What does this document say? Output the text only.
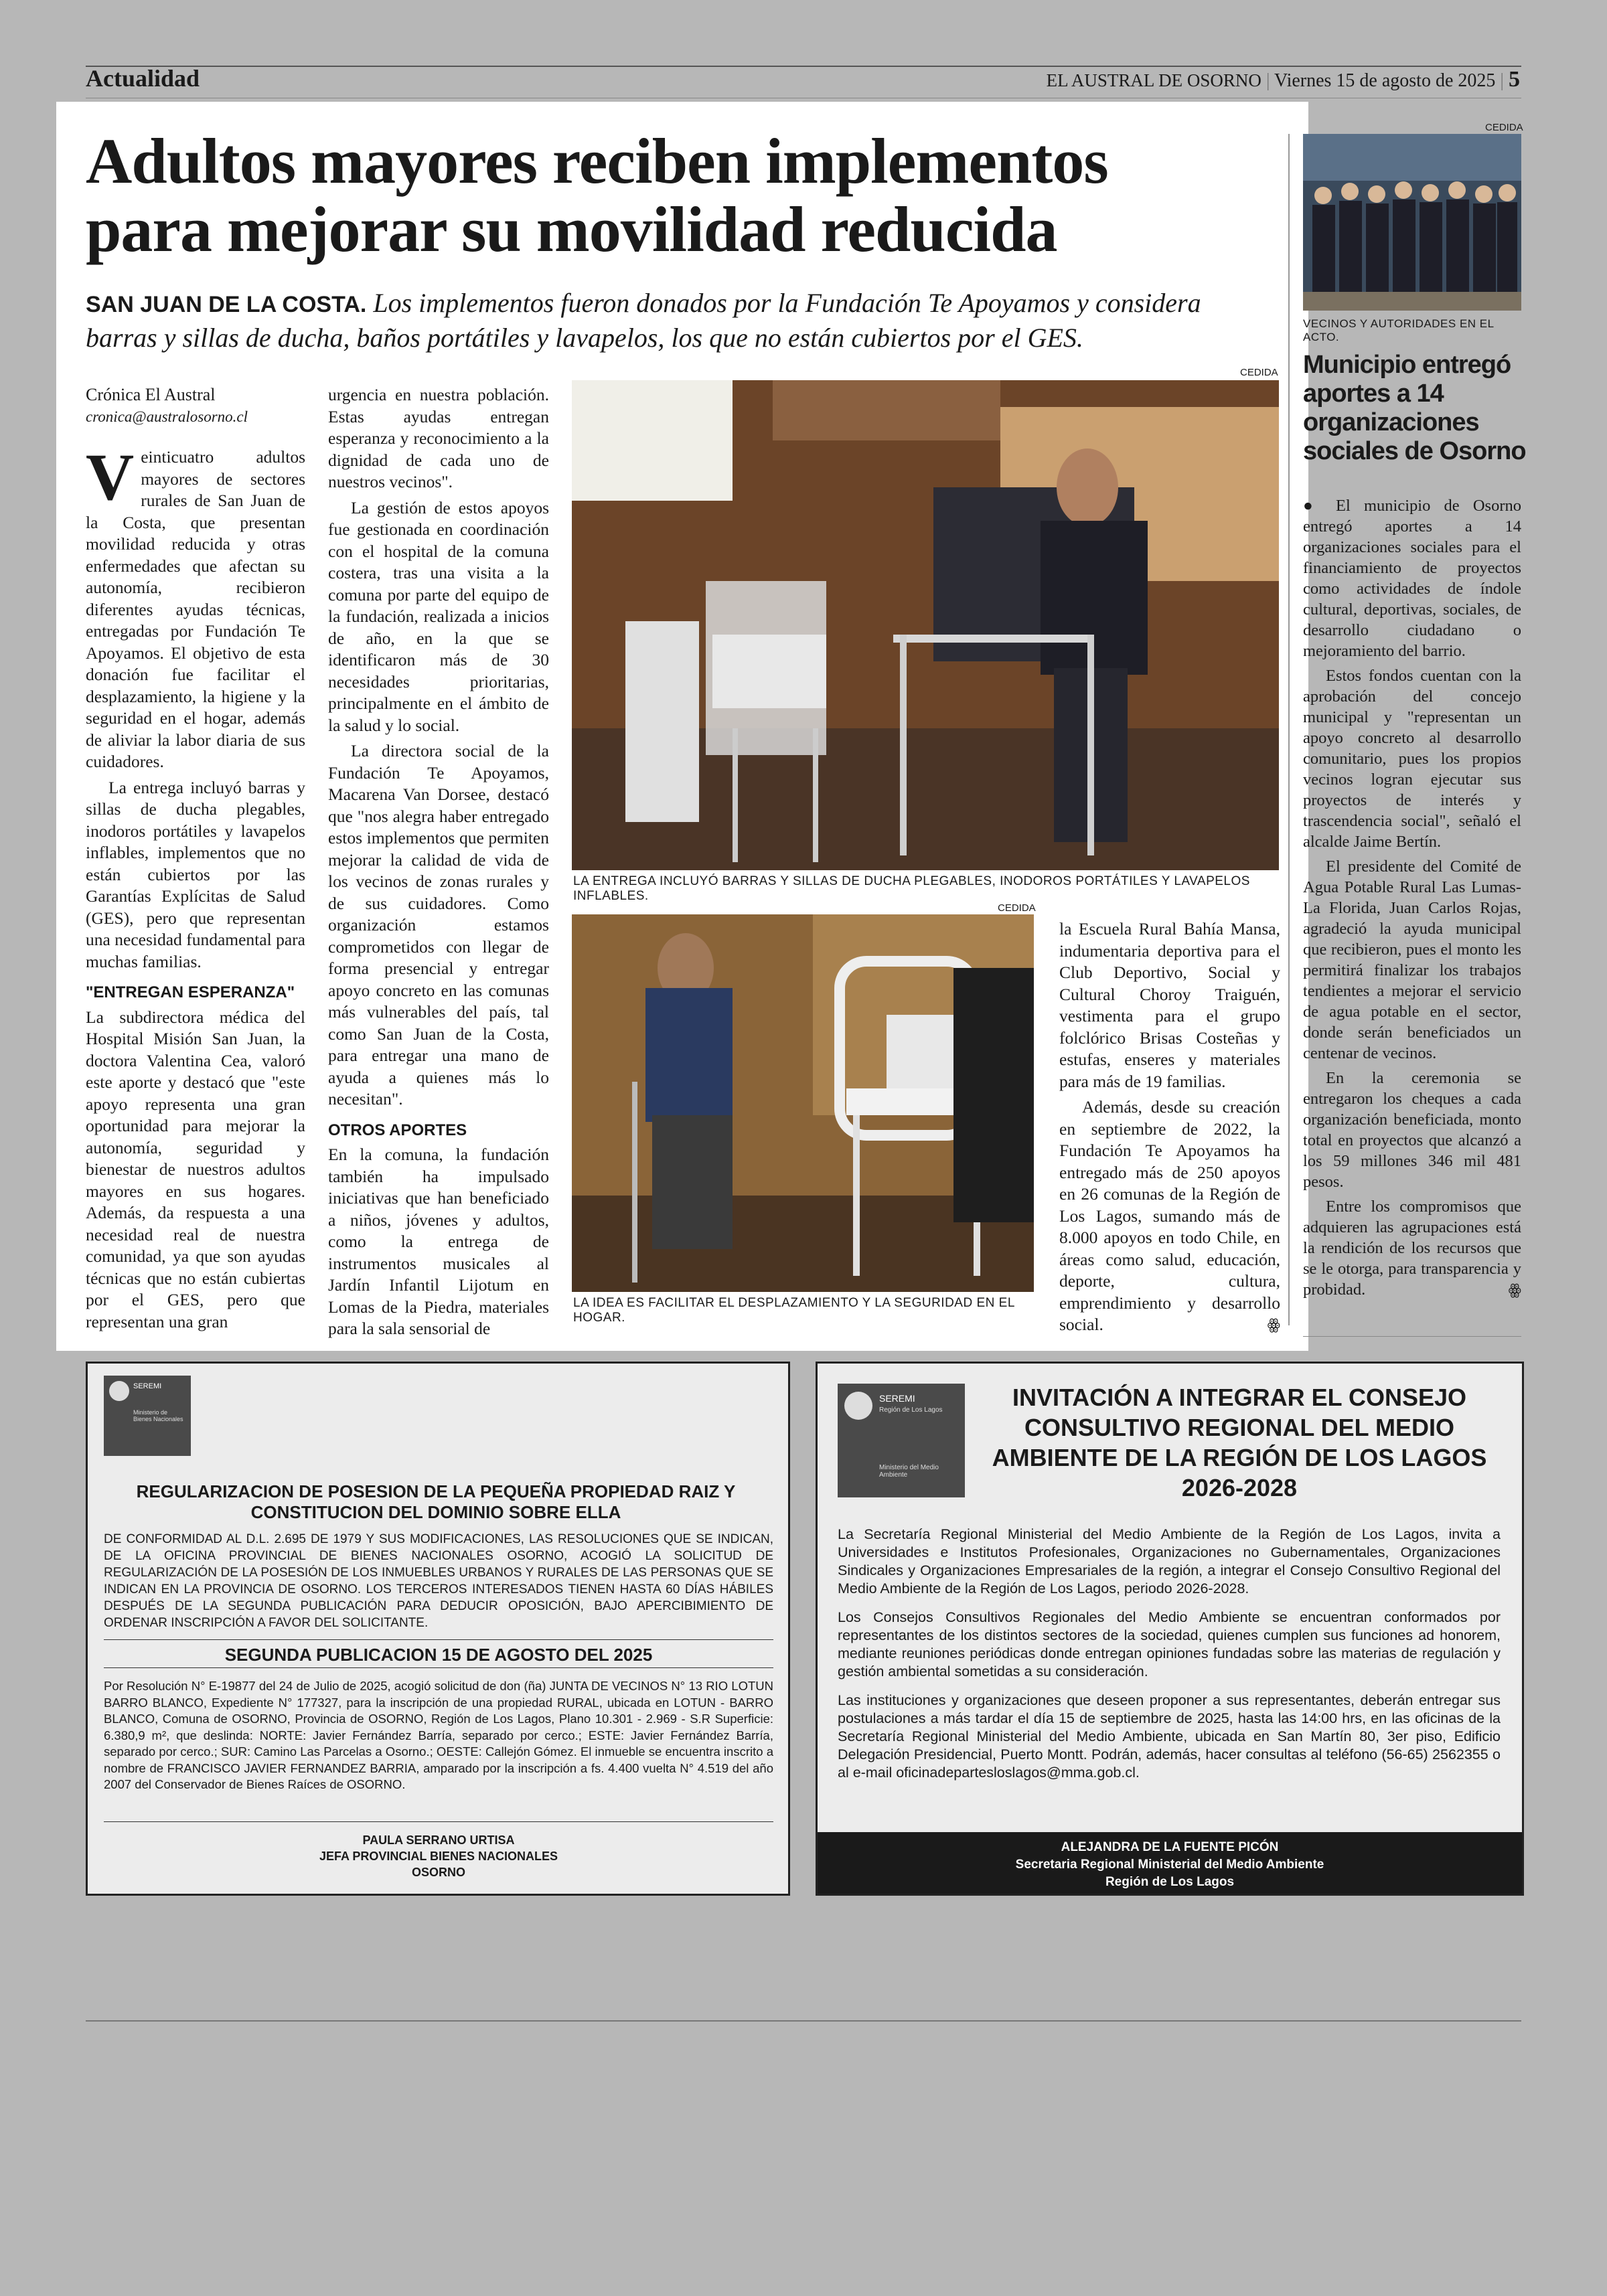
Actualidad	EL AUSTRAL DE OSORNO | Viernes 15 de agosto de 2025 | 5
Adultos mayores reciben implementos
para mejorar su movilidad reducida
SAN JUAN DE LA COSTA. Los implementos fueron donados por la Fundación Te Apoyamos y considera barras y sillas de ducha, baños portátiles y lavapelos, los que no están cubiertos por el GES.
Crónica El Austral
cronica@australosorno.cl

Veinticuatro adultos mayores de sectores rurales de San Juan de la Costa, que presentan movilidad reducida y otras enfermedades que afectan su autonomía, recibieron diferentes ayudas técnicas, entregadas por Fundación Te Apoyamos. El objetivo de esta donación fue facilitar el desplazamiento, la higiene y la seguridad en el hogar, además de aliviar la labor diaria de sus cuidadores.

La entrega incluyó barras y sillas de ducha plegables, inodoros portátiles y lavapelos inflables, implementos que no están cubiertos por las Garantías Explícitas de Salud (GES), pero que representan una necesidad fundamental para muchas familias.

"ENTREGAN ESPERANZA"

La subdirectora médica del Hospital Misión San Juan, la doctora Valentina Cea, valoró este aporte y destacó que "este apoyo representa una gran oportunidad para mejorar la autonomía, seguridad y bienestar de nuestros adultos mayores en sus hogares. Además, da respuesta a una necesidad real de nuestra comunidad, ya que son ayudas técnicas que no están cubiertas por el GES, pero que representan una gran

urgencia en nuestra población. Estas ayudas entregan esperanza y reconocimiento a la dignidad de cada uno de nuestros vecinos".

La gestión de estos apoyos fue gestionada en coordinación con el hospital de la comuna costera, tras una visita a la comuna por parte del equipo de la fundación, realizada a inicios de año, en la que se identificaron más de 30 necesidades prioritarias, principalmente en el ámbito de la salud y lo social.

La directora social de la Fundación Te Apoyamos, Macarena Van Dorsee, destacó que "nos alegra haber entregado estos implementos que permiten mejorar la calidad de vida de los vecinos de zonas rurales y de sus cuidadores. Como organización estamos comprometidos con llegar de forma presencial y entregar apoyo concreto en las comunas más vulnerables del país, tal como San Juan de la Costa, para entregar una mano de ayuda a quienes más lo necesitan".

OTROS APORTES

En la comuna, la fundación también ha impulsado iniciativas que han beneficiado a niños, jóvenes y adultos, como la entrega de instrumentos musicales al Jardín Infantil Lijotum en Lomas de la Piedra, materiales para la sala sensorial de

CEDIDA
LA ENTREGA INCLUYÓ BARRAS Y SILLAS DE DUCHA PLEGABLES, INODOROS PORTÁTILES Y LAVAPELOS INFLABLES.
CEDIDA
LA IDEA ES FACILITAR EL DESPLAZAMIENTO Y LA SEGURIDAD EN EL HOGAR.

la Escuela Rural Bahía Mansa, indumentaria deportiva para el Club Deportivo, Social y Cultural Choroy Traiguén, vestimenta para el grupo folclórico Brisas Costeñas y estufas, enseres y materiales para más de 19 familias.

Además, desde su creación en septiembre de 2022, la Fundación Te Apoyamos ha entregado más de 250 apoyos en 26 comunas de la Región de Los Lagos, sumando más de 8.000 apoyos en todo Chile, en áreas como salud, educación, deporte, cultura, emprendimiento y desarrollo social.	ꙮ

CEDIDA
VECINOS Y AUTORIDADES EN EL ACTO.
Municipio entregó aportes a 14 organizaciones sociales de Osorno

● El municipio de Osorno entregó aportes a 14 organizaciones sociales para el financiamiento de proyectos como actividades de índole cultural, deportivas, sociales, de desarrollo ciudadano o mejoramiento del barrio.

Estos fondos cuentan con la aprobación del concejo municipal y "representan un apoyo concreto al desarrollo comunitario, pues los propios vecinos logran ejecutar sus proyectos de interés y trascendencia social", señaló el alcalde Jaime Bertín.

El presidente del Comité de Agua Potable Rural Las Lumas-La Florida, Juan Carlos Rojas, agradeció la ayuda municipal que recibieron, pues el monto les permitirá finalizar los trabajos tendientes a mejorar el servicio de agua potable en el sector, donde serán beneficiados un centenar de vecinos.

En la ceremonia se entregaron los cheques a cada organización beneficiada, monto total en proyectos que alcanzó a los 59 millones 346 mil 481 pesos.

Entre los compromisos que adquieren las agrupaciones está la rendición de los recursos que se le otorga, para transparencia y probidad.	ꙮ

SEREMI
Ministerio de Bienes Nacionales
REGULARIZACION DE POSESION DE LA PEQUEÑA PROPIEDAD RAIZ Y CONSTITUCION DEL DOMINIO SOBRE ELLA
DE CONFORMIDAD AL D.L. 2.695 DE 1979 Y SUS MODIFICACIONES, LAS RESOLUCIONES QUE SE INDICAN, DE LA OFICINA PROVINCIAL DE BIENES NACIONALES OSORNO, ACOGIÓ LA SOLICITUD DE REGULARIZACIÓN DE LA POSESIÓN DE LOS INMUEBLES URBANOS Y RURALES DE LAS PERSONAS QUE SE INDICAN EN LA PROVINCIA DE OSORNO. LOS TERCEROS INTERESADOS TIENEN HASTA 60 DÍAS HÁBILES DESPUÉS DE LA SEGUNDA PUBLICACIÓN PARA DEDUCIR OPOSICIÓN, BAJO APERCIBIMIENTO DE ORDENAR INSCRIPCIÓN A FAVOR DEL SOLICITANTE.
SEGUNDA PUBLICACION 15 DE AGOSTO DEL 2025
Por Resolución N° E-19877 del 24 de Julio de 2025, acogió solicitud de don (ña) JUNTA DE VECINOS N° 13 RIO LOTUN BARRO BLANCO, Expediente N° 177327, para la inscripción de una propiedad RURAL, ubicada en LOTUN - BARRO BLANCO, Comuna de OSORNO, Provincia de OSORNO, Región de Los Lagos, Plano 10.301 - 2.969 - S.R Superficie: 6.380,9 m², que deslinda: NORTE: Javier Fernández Barría, separado por cerco.; ESTE: Javier Fernández Barría, separado por cerco.; SUR: Camino Las Parcelas a Osorno.; OESTE: Callejón Gómez. El inmueble se encuentra inscrito a nombre de FRANCISCO JAVIER FERNANDEZ BARRIA, amparado por la inscripción a fs. 4.400 vuelta N° 4.519 del año 2007 del Conservador de Bienes Raíces de OSORNO.
PAULA SERRANO URTISA
JEFA PROVINCIAL BIENES NACIONALES
OSORNO
SEREMI
Región de Los Lagos
Ministerio del Medio Ambiente
INVITACIÓN A INTEGRAR EL CONSEJO CONSULTIVO REGIONAL DEL MEDIO AMBIENTE DE LA REGIÓN DE LOS LAGOS 2026-2028

La Secretaría Regional Ministerial del Medio Ambiente de la Región de Los Lagos, invita a Universidades e Institutos Profesionales, Organizaciones no Gubernamentales, Organizaciones Sindicales y Organizaciones Empresariales de la región, a integrar el Consejo Consultivo Regional del Medio Ambiente de la Región de Los Lagos, periodo 2026-2028.

Los Consejos Consultivos Regionales del Medio Ambiente se encuentran conformados por representantes de los distintos sectores de la sociedad, quienes cumplen sus funciones ad honorem, mediante reuniones periódicas donde entregan opiniones fundadas sobre las materias de regulación y gestión ambiental sometidas a su consideración.

Las instituciones y organizaciones que deseen proponer a sus representantes, deberán entregar sus postulaciones a más tardar el día 15 de septiembre de 2025, hasta las 14:00 hrs, en las oficinas de la Secretaría Regional Ministerial del Medio Ambiente, ubicada en San Martín 80, 3er piso, Edificio Delegación Presidencial, Puerto Montt. Podrán, además, hacer consultas al teléfono (56-65) 2562355 o al e-mail oficinadepartesloslagos@mma.gob.cl.

ALEJANDRA DE LA FUENTE PICÓN
Secretaria Regional Ministerial del Medio Ambiente
Región de Los Lagos
